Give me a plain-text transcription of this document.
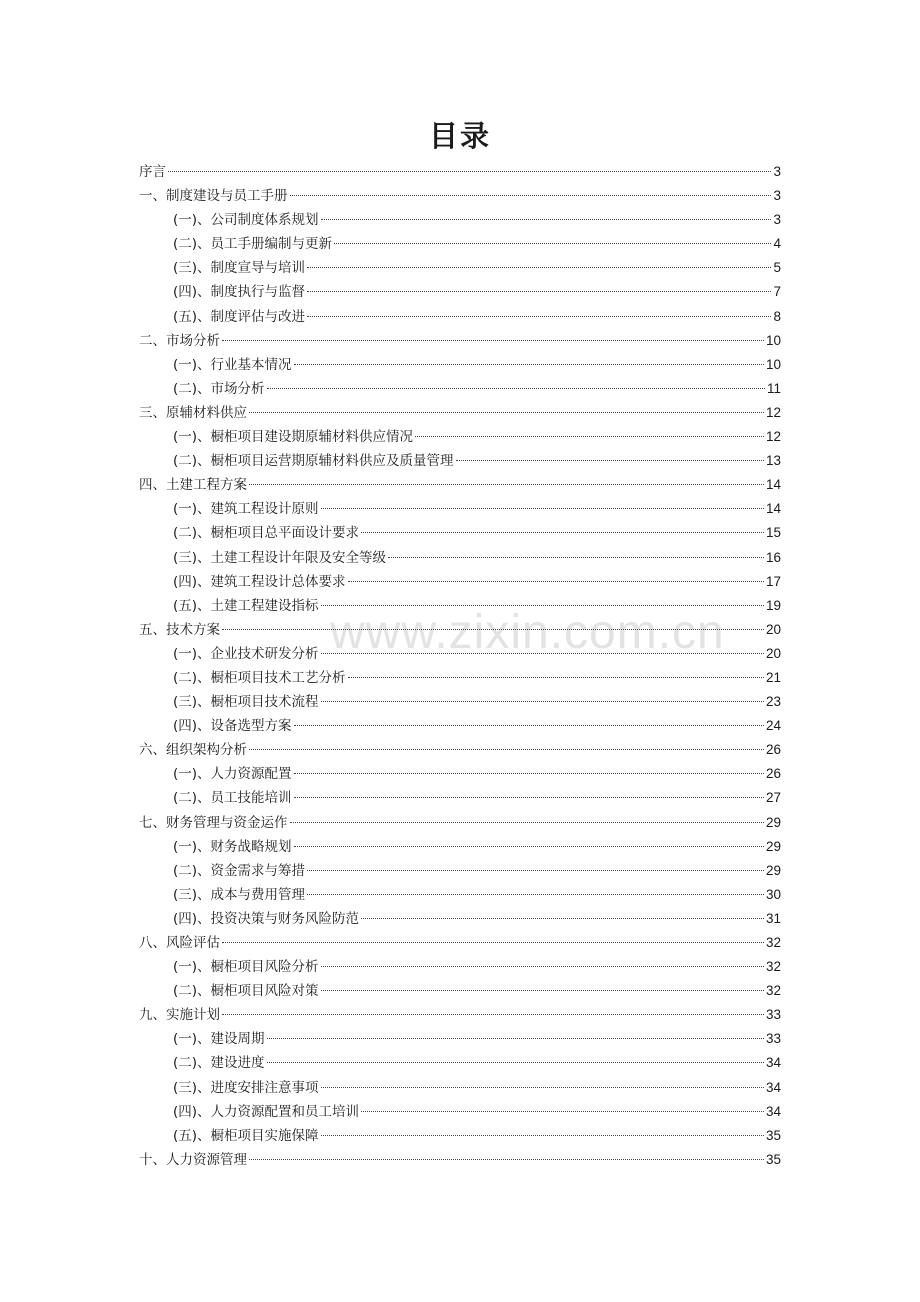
www.zixin.com.cn
目录
序言	3
一、制度建设与员工手册	3
(一)、公司制度体系规划	3
(二)、员工手册编制与更新	4
(三)、制度宣导与培训	5
(四)、制度执行与监督	7
(五)、制度评估与改进	8
二、市场分析	10
(一)、行业基本情况	10
(二)、市场分析	11
三、原辅材料供应	12
(一)、橱柜项目建设期原辅材料供应情况	12
(二)、橱柜项目运营期原辅材料供应及质量管理	13
四、土建工程方案	14
(一)、建筑工程设计原则	14
(二)、橱柜项目总平面设计要求	15
(三)、土建工程设计年限及安全等级	16
(四)、建筑工程设计总体要求	17
(五)、土建工程建设指标	19
五、技术方案	20
(一)、企业技术研发分析	20
(二)、橱柜项目技术工艺分析	21
(三)、橱柜项目技术流程	23
(四)、设备选型方案	24
六、组织架构分析	26
(一)、人力资源配置	26
(二)、员工技能培训	27
七、财务管理与资金运作	29
(一)、财务战略规划	29
(二)、资金需求与筹措	29
(三)、成本与费用管理	30
(四)、投资决策与财务风险防范	31
八、风险评估	32
(一)、橱柜项目风险分析	32
(二)、橱柜项目风险对策	32
九、实施计划	33
(一)、建设周期	33
(二)、建设进度	34
(三)、进度安排注意事项	34
(四)、人力资源配置和员工培训	34
(五)、橱柜项目实施保障	35
十、人力资源管理	35
